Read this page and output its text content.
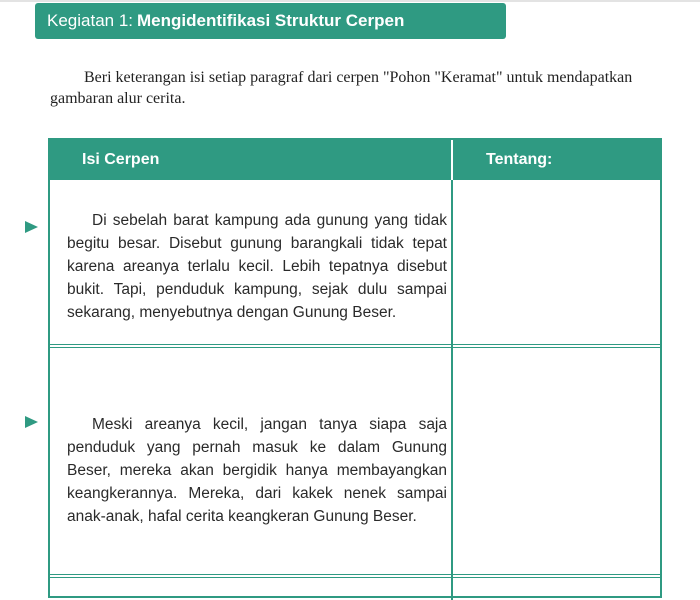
Kegiatan 1: Mengidentifikasi Struktur Cerpen
Beri keterangan isi setiap paragraf dari cerpen "Pohon "Keramat" untuk mendapatkan gambaran alur cerita.
Isi Cerpen	Tentang:

Di sebelah barat kampung ada gunung yang tidak begitu besar. Disebut gunung barangkali tidak tepat karena areanya terlalu kecil. Lebih tepatnya disebut bukit. Tapi, penduduk kampung, sejak dulu sampai sekarang, menyebutnya dengan Gunung Beser.

Meski areanya kecil, jangan tanya siapa saja penduduk yang pernah masuk ke dalam Gunung Beser, mereka akan bergidik hanya membayangkan keangkerannya. Mereka, dari kakek nenek sampai anak-anak, hafal cerita keangkeran Gunung Beser.
